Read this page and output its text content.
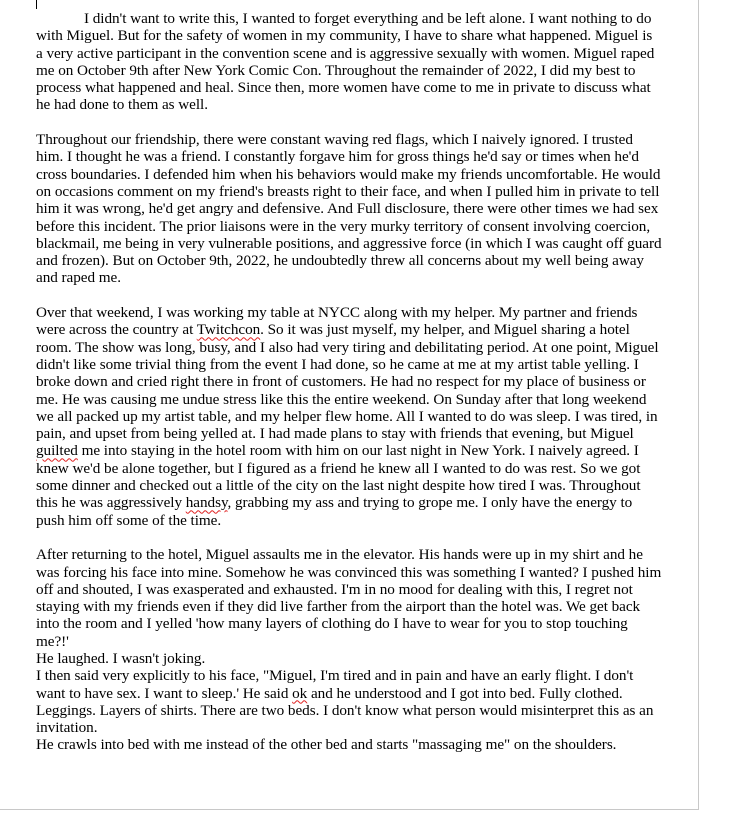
I didn't want to write this, I wanted to forget everything and be left alone. I want nothing to do
with Miguel. But for the safety of women in my community, I have to share what happened. Miguel is
a very active participant in the convention scene and is aggressive sexually with women. Miguel raped
me on October 9th after New York Comic Con. Throughout the remainder of 2022, I did my best to
process what happened and heal. Since then, more women have come to me in private to discuss what
he had done to them as well.
Throughout our friendship, there were constant waving red flags, which I naively ignored. I trusted
him. I thought he was a friend. I constantly forgave him for gross things he'd say or times when he'd
cross boundaries. I defended him when his behaviors would make my friends uncomfortable. He would
on occasions comment on my friend's breasts right to their face, and when I pulled him in private to tell
him it was wrong, he'd get angry and defensive. And Full disclosure, there were other times we had sex
before this incident. The prior liaisons were in the very murky territory of consent involving coercion,
blackmail, me being in very vulnerable positions, and aggressive force (in which I was caught off guard
and frozen). But on October 9th, 2022, he undoubtedly threw all concerns about my well being away
and raped me.
Over that weekend, I was working my table at NYCC along with my helper. My partner and friends
were across the country at Twitchcon. So it was just myself, my helper, and Miguel sharing a hotel
room. The show was long, busy, and I also had very tiring and debilitating period. At one point, Miguel
didn't like some trivial thing from the event I had done, so he came at me at my artist table yelling. I
broke down and cried right there in front of customers. He had no respect for my place of business or
me. He was causing me undue stress like this the entire weekend. On Sunday after that long weekend
we all packed up my artist table, and my helper flew home. All I wanted to do was sleep. I was tired, in
pain, and upset from being yelled at. I had made plans to stay with friends that evening, but Miguel
guilted me into staying in the hotel room with him on our last night in New York. I naively agreed. I
knew we'd be alone together, but I figured as a friend he knew all I wanted to do was rest. So we got
some dinner and checked out a little of the city on the last night despite how tired I was. Throughout
this he was aggressively handsy, grabbing my ass and trying to grope me. I only have the energy to
push him off some of the time.
After returning to the hotel, Miguel assaults me in the elevator. His hands were up in my shirt and he
was forcing his face into mine. Somehow he was convinced this was something I wanted? I pushed him
off and shouted, I was exasperated and exhausted. I'm in no mood for dealing with this, I regret not
staying with my friends even if they did live farther from the airport than the hotel was. We get back
into the room and I yelled 'how many layers of clothing do I have to wear for you to stop touching
me?!'
He laughed. I wasn't joking.
I then said very explicitly to his face, "Miguel, I'm tired and in pain and have an early flight. I don't
want to have sex. I want to sleep.' He said ok and he understood and I got into bed. Fully clothed.
Leggings. Layers of shirts. There are two beds. I don't know what person would misinterpret this as an
invitation.
He crawls into bed with me instead of the other bed and starts "massaging me" on the shoulders.
